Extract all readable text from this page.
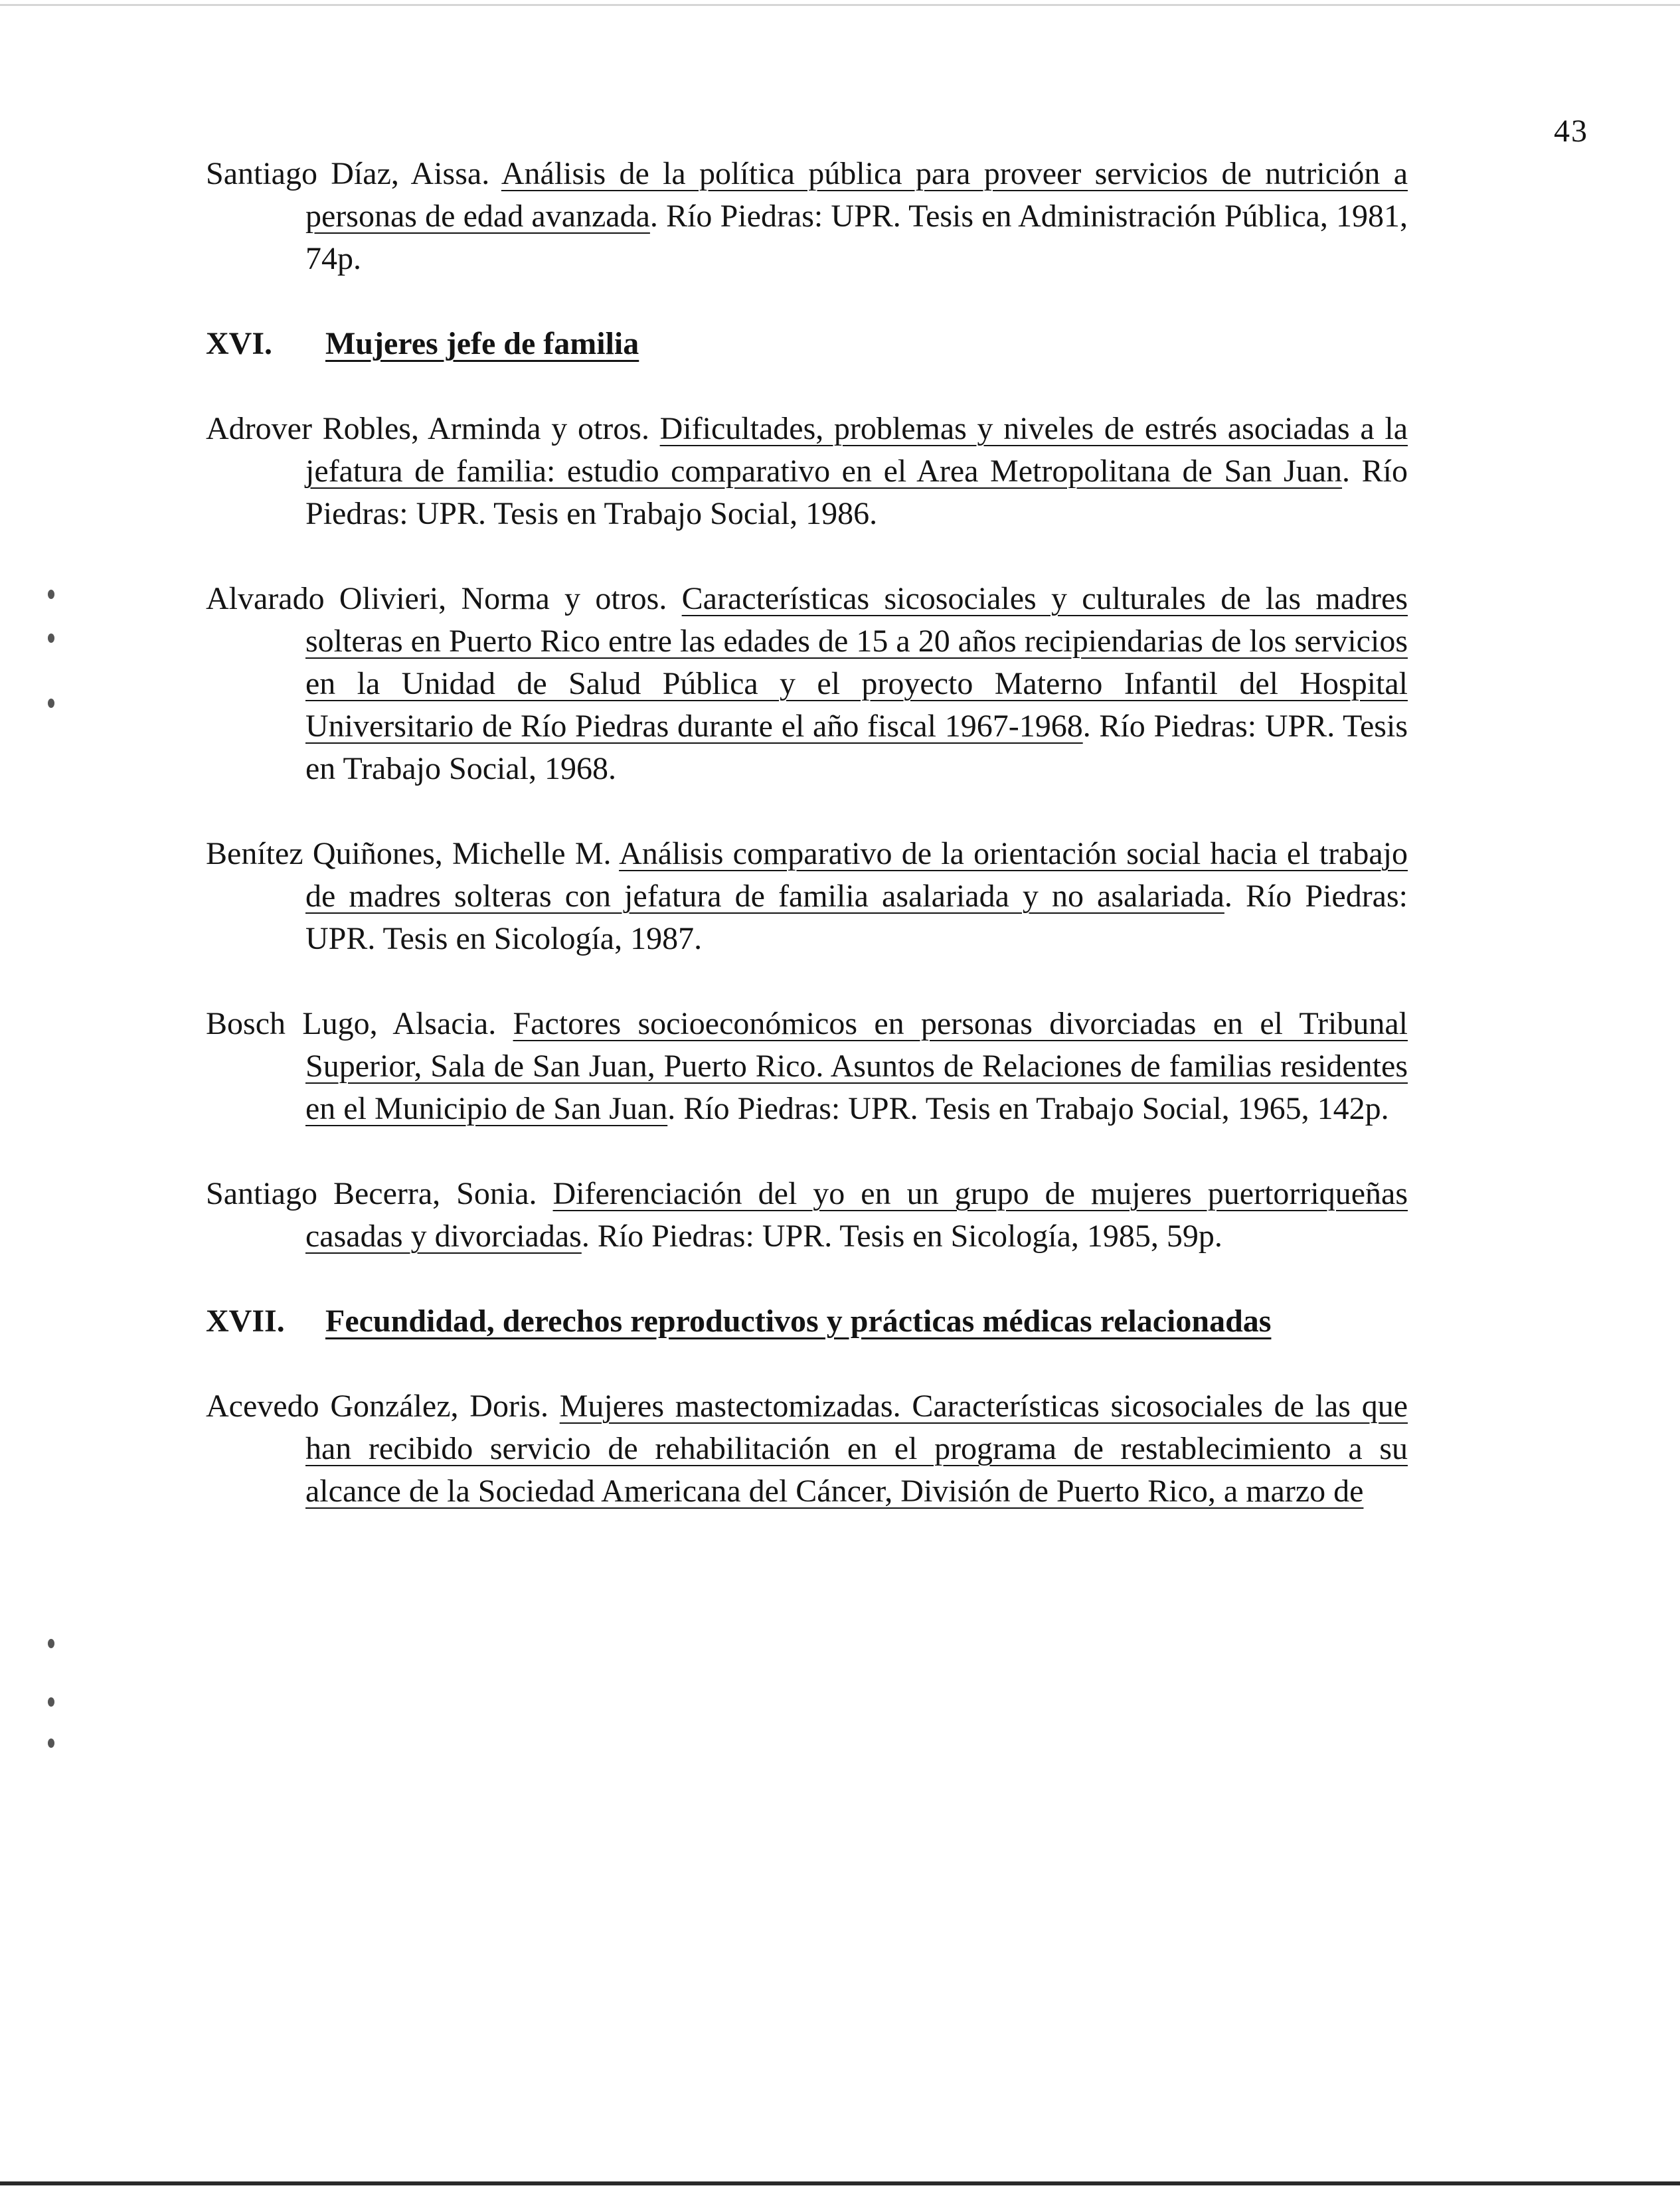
43

Santiago Díaz, Aissa. Análisis de la política pública para proveer servicios de nutrición a personas de edad avanzada. Río Piedras: UPR. Tesis en Administración Pública, 1981, 74p.

XVI.	Mujeres jefe de familia

Adrover Robles, Arminda y otros. Dificultades, problemas y niveles de estrés asociadas a la jefatura de familia: estudio comparativo en el Area Metropolitana de San Juan. Río Piedras: UPR. Tesis en Trabajo Social, 1986.

Alvarado Olivieri, Norma y otros. Características sicosociales y culturales de las madres solteras en Puerto Rico entre las edades de 15 a 20 años recipiendarias de los servicios en la Unidad de Salud Pública y el proyecto Materno Infantil del Hospital Universitario de Río Piedras durante el año fiscal 1967-1968. Río Piedras: UPR. Tesis en Trabajo Social, 1968.

Benítez Quiñones, Michelle M. Análisis comparativo de la orientación social hacia el trabajo de madres solteras con jefatura de familia asalariada y no asalariada. Río Piedras: UPR. Tesis en Sicología, 1987.

Bosch Lugo, Alsacia. Factores socioeconómicos en personas divorciadas en el Tribunal Superior, Sala de San Juan, Puerto Rico. Asuntos de Relaciones de familias residentes en el Municipio de San Juan. Río Piedras: UPR. Tesis en Trabajo Social, 1965, 142p.

Santiago Becerra, Sonia. Diferenciación del yo en un grupo de mujeres puertorriqueñas casadas y divorciadas. Río Piedras: UPR. Tesis en Sicología, 1985, 59p.

XVII.	Fecundidad, derechos reproductivos y prácticas médicas relacionadas

Acevedo González, Doris. Mujeres mastectomizadas. Características sicosociales de las que han recibido servicio de rehabilitación en el programa de restablecimiento a su alcance de la Sociedad Americana del Cáncer, División de Puerto Rico, a marzo de
